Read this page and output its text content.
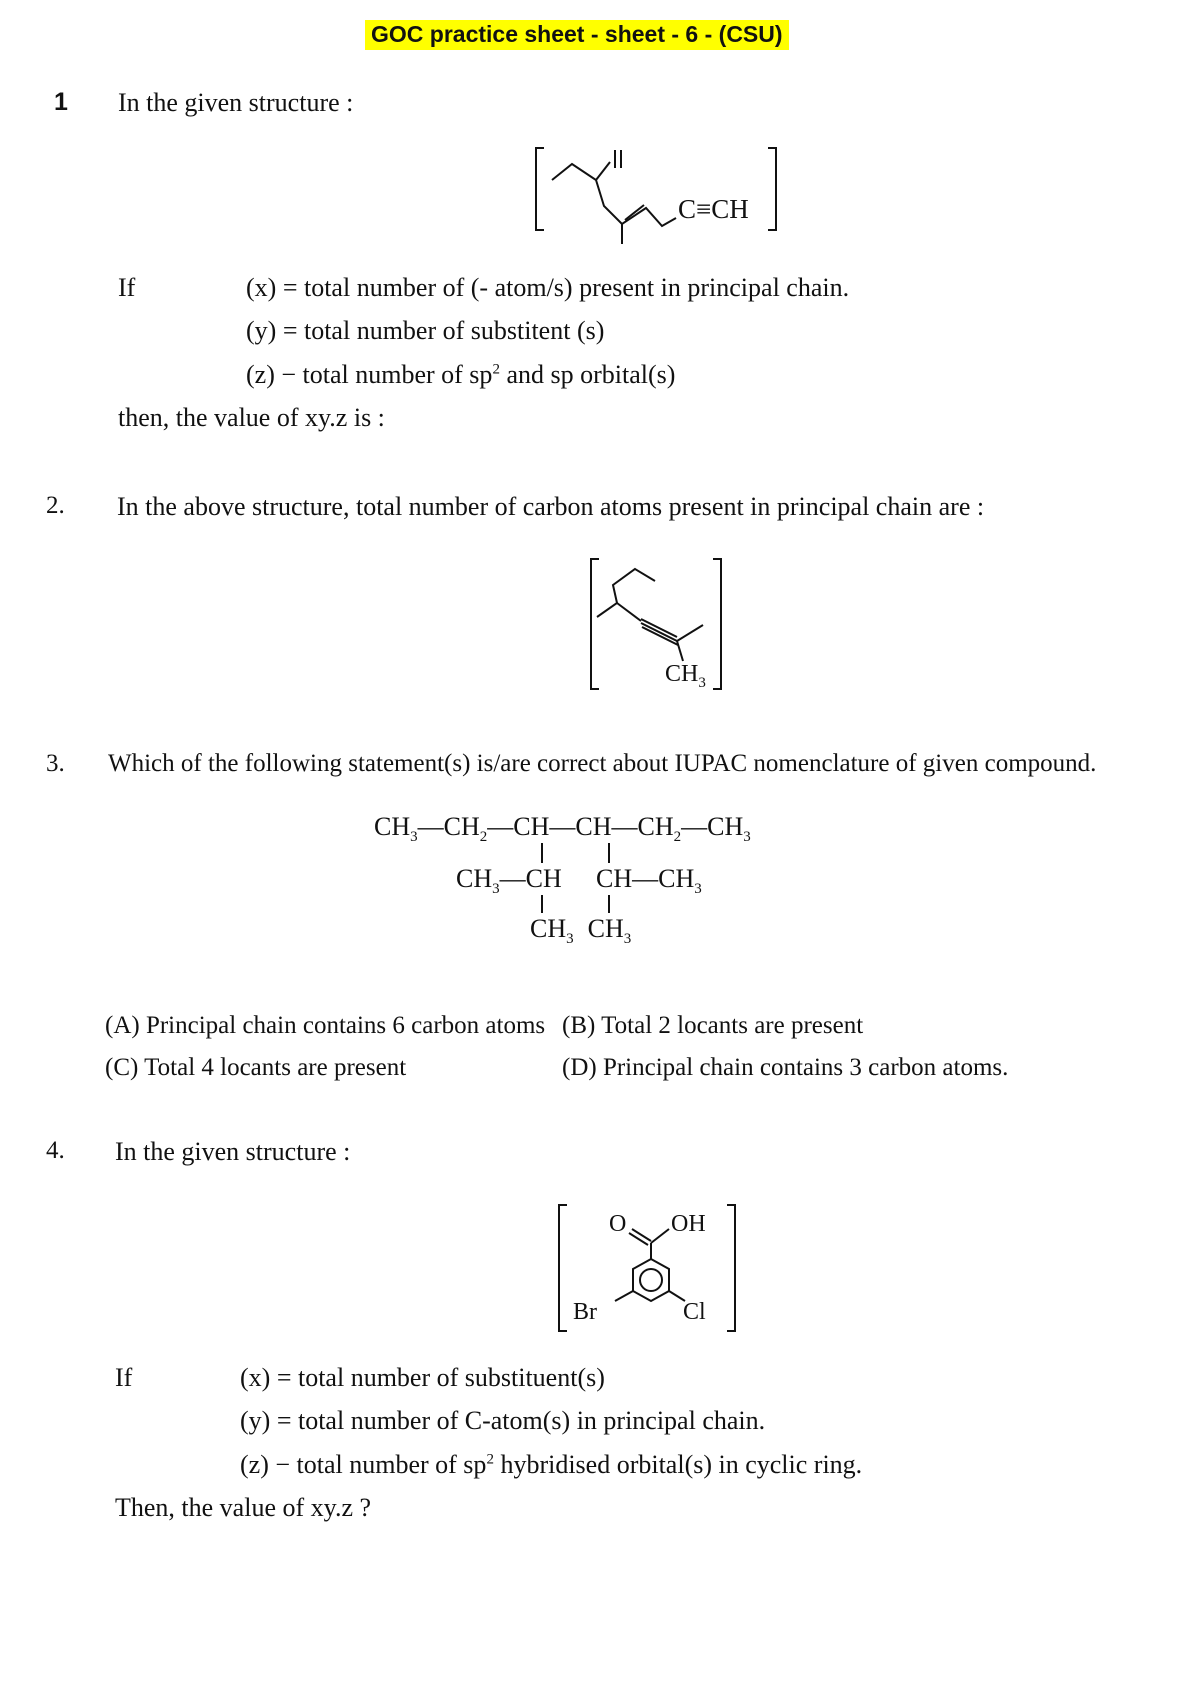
GOC practice sheet - sheet - 6 - (CSU)
1 In the given structure :
C≡CH
If	(x) = total number of (- atom/s) present in principal chain.
(y) = total number of substitent (s)
(z) − total number of $sp^2$ and sp orbital(s)
then, the value of xy.z is :
2. In the above structure, total number of carbon atoms present in principal chain are :
$CH_3$
3. Which of the following statement(s) is/are correct about IUPAC nomenclature of given compound.
$CH_3—CH_2—CH—CH—CH_2—CH_3$
$CH_3—CH$ $CH—CH_3$
$CH_3$ $CH_3$
(A) Principal chain contains 6 carbon atoms (B) Total 2 locants are present
(C) Total 4 locants are present	(D) Principal chain contains 3 carbon atoms.
4. In the given structure :
O OH
Br	Cl
If	(x) = total number of substituent(s)
(y) = total number of C-atom(s) in principal chain.
(z) − total number of $sp^2$ hybridised orbital(s) in cyclic ring.
Then, the value of xy.z ?
